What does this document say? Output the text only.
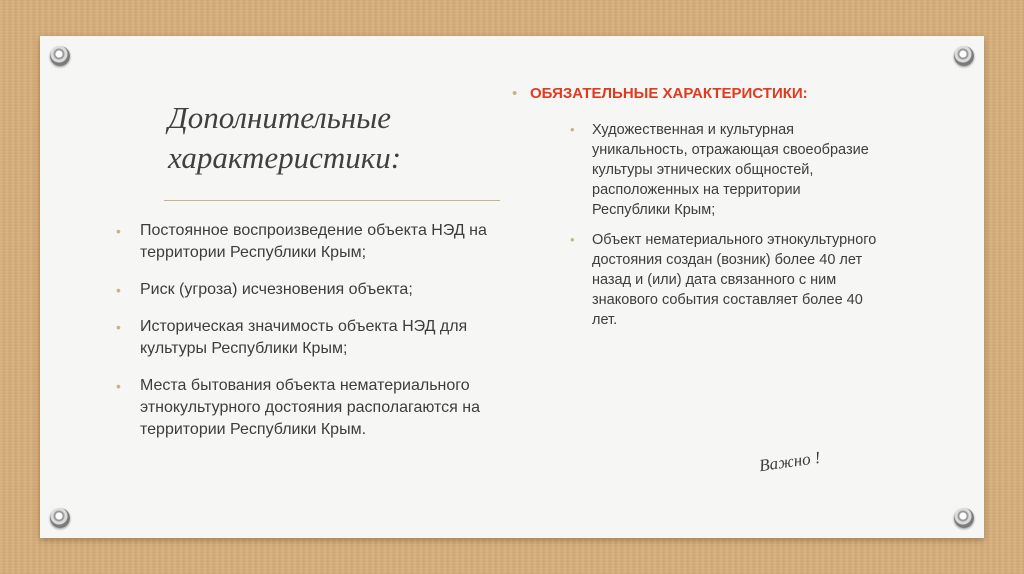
Дополнительные
характеристики:
• Постоянное воспроизведение объекта НЭД на территории Республики Крым;
• Риск (угроза) исчезновения объекта;
• Историческая значимость объекта НЭД для культуры Республики Крым;
• Места бытования объекта нематериального этнокультурного достояния располагаются на территории Республики Крым.
• ОБЯЗАТЕЛЬНЫЕ ХАРАКТЕРИСТИКИ:
• Художественная и культурная уникальность, отражающая своеобразие культуры этнических общностей, расположенных на территории Республики Крым;
• Объект нематериального этнокультурного достояния создан (возник) более 40 лет назад и (или) дата связанного с ним знакового события составляет более 40 лет.
Важно !
